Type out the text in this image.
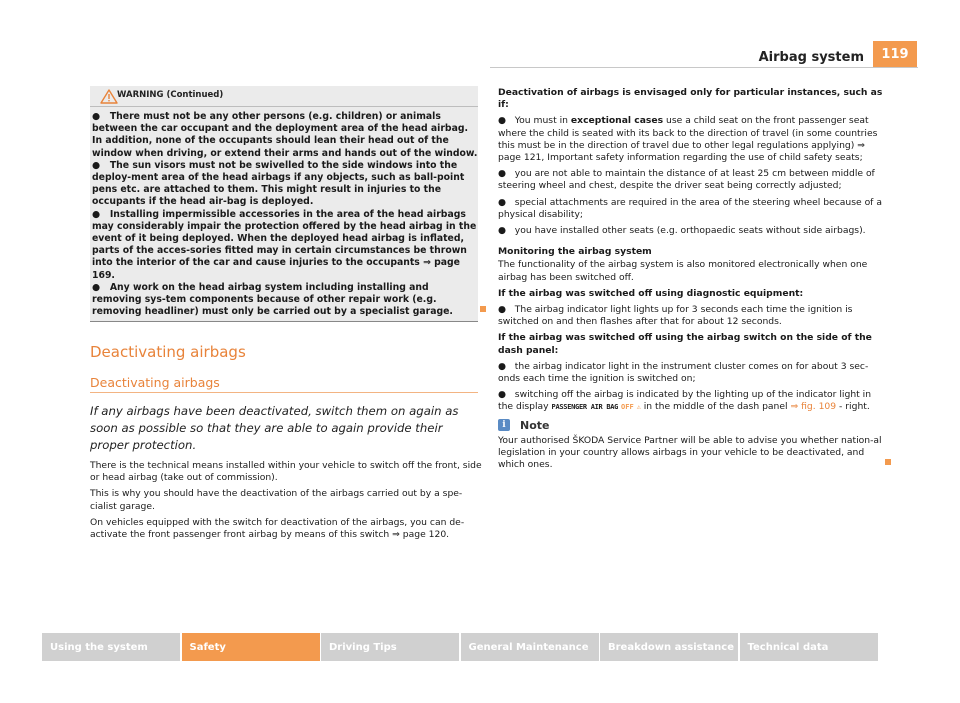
Airbag system	119
WARNING (Continued)

●   There must not be any other persons (e.g. children) or animals between the car occupant and the deployment area of the head airbag. In addition, none of the occupants should lean their head out of the window when driving, or extend their arms and hands out of the window.

●   The sun visors must not be swivelled to the side windows into the deploy-ment area of the head airbags if any objects, such as ball-point pens etc. are attached to them. This might result in injuries to the occupants if the head air-bag is deployed.

●   Installing impermissible accessories in the area of the head airbags may considerably impair the protection offered by the head airbag in the event of it being deployed. When the deployed head airbag is inflated, parts of the acces-sories fitted may in certain circumstances be thrown into the interior of the car and cause injuries to the occupants ⇒ page 169.

●   Any work on the head airbag system including installing and removing sys-tem components because of other repair work (e.g. removing headliner) must only be carried out by a specialist garage.

Deactivating airbags
Deactivating airbags
If any airbags have been deactivated, switch them on again as soon as possible so that they are able to again provide their proper protection.

There is the technical means installed within your vehicle to switch off the front, side or head airbag (take out of commission).

This is why you should have the deactivation of the airbags carried out by a spe-cialist garage.

On vehicles equipped with the switch for deactivation of the airbags, you can de-activate the front passenger front airbag by means of this switch ⇒ page 120.

Deactivation of airbags is envisaged only for particular instances, such as if:

●   You must in exceptional cases use a child seat on the front passenger seat where the child is seated with its back to the direction of travel (in some countries this must be in the direction of travel due to other legal regulations applying) ⇒ page 121, Important safety information regarding the use of child safety seats;

●   you are not able to maintain the distance of at least 25 cm between middle of steering wheel and chest, despite the driver seat being correctly adjusted;

●   special attachments are required in the area of the steering wheel because of a physical disability;

●   you have installed other seats (e.g. orthopaedic seats without side airbags).

Monitoring the airbag system

The functionality of the airbag system is also monitored electronically when one airbag has been switched off.

If the airbag was switched off using diagnostic equipment:

●   The airbag indicator light lights up for 3 seconds each time the ignition is switched on and then flashes after that for about 12 seconds.

If the airbag was switched off using the airbag switch on the side of the dash panel:

●   the airbag indicator light in the instrument cluster comes on for about 3 sec-onds each time the ignition is switched on;

●   switching off the airbag is indicated by the lighting up of the indicator light in the display PASSENGER AIR BAG OFF ⚠ in the middle of the dash panel ⇒ fig. 109 - right.

i	Note
Your authorised ŠKODA Service Partner will be able to advise you whether nation-al legislation in your country allows airbags in your vehicle to be deactivated, and which ones.
Using the system	Safety	Driving Tips	General Maintenance	Breakdown assistance	Technical data
